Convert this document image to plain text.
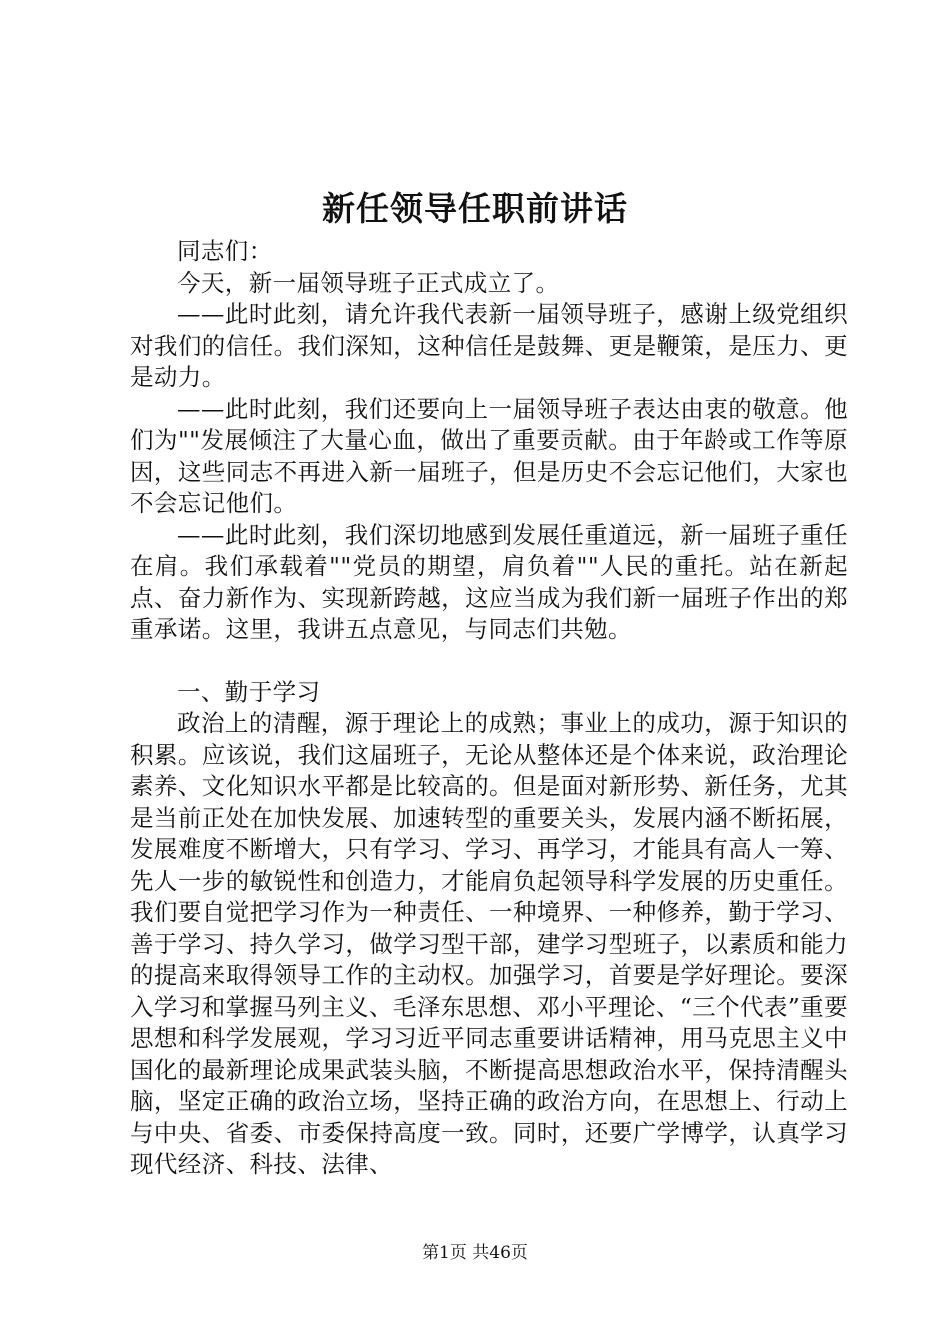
新任领导任职前讲话

同志们：

今天，新一届领导班子正式成立了。

——此时此刻，请允许我代表新一届领导班子，感谢上级党组织对我们的信任。我们深知，这种信任是鼓舞、更是鞭策，是压力、更是动力。

——此时此刻，我们还要向上一届领导班子表达由衷的敬意。他们为""发展倾注了大量心血，做出了重要贡献。由于年龄或工作等原因，这些同志不再进入新一届班子，但是历史不会忘记他们，大家也不会忘记他们。

——此时此刻，我们深切地感到发展任重道远，新一届班子重任在肩。我们承载着""党员的期望，肩负着""人民的重托。站在新起点、奋力新作为、实现新跨越，这应当成为我们新一届班子作出的郑重承诺。这里，我讲五点意见，与同志们共勉。

一、勤于学习

政治上的清醒，源于理论上的成熟；事业上的成功，源于知识的积累。应该说，我们这届班子，无论从整体还是个体来说，政治理论素养、文化知识水平都是比较高的。但是面对新形势、新任务，尤其是当前正处在加快发展、加速转型的重要关头，发展内涵不断拓展，发展难度不断增大，只有学习、学习、再学习，才能具有高人一筹、先人一步的敏锐性和创造力，才能肩负起领导科学发展的历史重任。我们要自觉把学习作为一种责任、一种境界、一种修养，勤于学习、善于学习、持久学习，做学习型干部，建学习型班子，以素质和能力的提高来取得领导工作的主动权。加强学习，首要是学好理论。要深入学习和掌握马列主义、毛泽东思想、邓小平理论、“三个代表”重要思想和科学发展观，学习习近平同志重要讲话精神，用马克思主义中国化的最新理论成果武装头脑，不断提高思想政治水平，保持清醒头脑，坚定正确的政治立场，坚持正确的政治方向，在思想上、行动上与中央、省委、市委保持高度一致。同时，还要广学博学，认真学习现代经济、科技、法律、

第1页 共46页
